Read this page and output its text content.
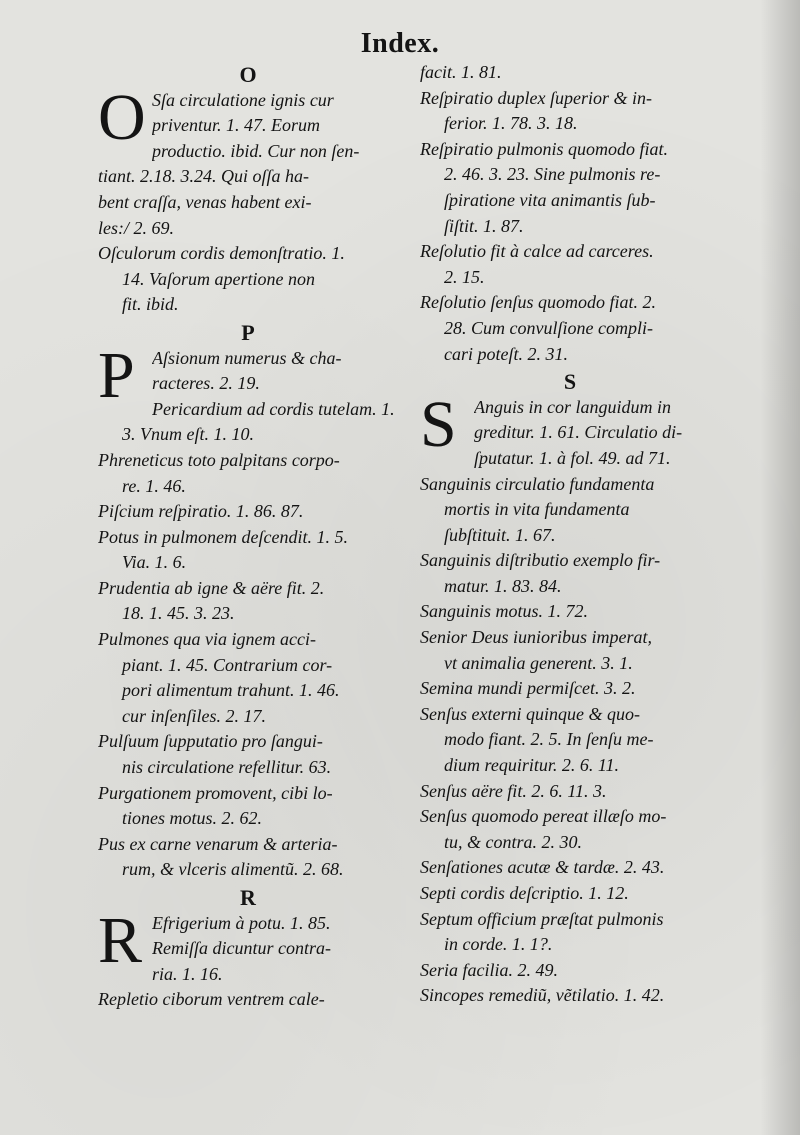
Index.
O
O Sſa circulatione ignis cur
priventur. 1. 47. Eorum
productio. ibid. Cur non ſen-
tiant. 2.18. 3.24. Qui oſſa ha-
bent craſſa, venas habent exi-
les:/ 2. 69.
Oſculorum cordis demonſtratio. 1.
14. Vaſorum apertione non
fit. ibid.
P
P Aſsionum numerus & cha-
racteres. 2. 19.
Pericardium ad cordis tutelam. 1.
3. Vnum eſt. 1. 10.
Phreneticus toto palpitans corpo-
re. 1. 46.
Piſcium reſpiratio. 1. 86. 87.
Potus in pulmonem deſcendit. 1. 5.
Via. 1. 6.
Prudentia ab igne & aëre fit. 2.
18. 1. 45. 3. 23.
Pulmones qua via ignem acci-
piant. 1. 45. Contrarium cor-
pori alimentum trahunt. 1. 46.
cur inſenſiles. 2. 17.
Pulſuum ſupputatio pro ſangui-
nis circulatione refellitur. 63.
Purgationem promovent, cibi lo-
tiones motus. 2. 62.
Pus ex carne venarum & arteria-
rum, & vlceris alimentũ. 2. 68.
R
R Efrigerium à potu. 1. 85.
Remiſſa dicuntur contra-
ria. 1. 16.
Repletio ciborum ventrem cale-
facit. 1. 81.
Reſpiratio duplex ſuperior & in-
ferior. 1. 78. 3. 18.
Reſpiratio pulmonis quomodo fiat.
2. 46. 3. 23. Sine pulmonis re-
ſpiratione vita animantis ſub-
ſiſtit. 1. 87.
Reſolutio fit à calce ad carceres.
2. 15.
Reſolutio ſenſus quomodo fiat. 2.
28. Cum convulſione compli-
cari poteſt. 2. 31.
S
S Anguis in cor languidum in
greditur. 1. 61. Circulatio di-
ſputatur. 1. à fol. 49. ad 71.
Sanguinis circulatio fundamenta
mortis in vita fundamenta
ſubſtituit. 1. 67.
Sanguinis diſtributio exemplo fir-
matur. 1. 83. 84.
Sanguinis motus. 1. 72.
Senior Deus iunioribus imperat,
vt animalia generent. 3. 1.
Semina mundi permiſcet. 3. 2.
Senſus externi quinque & quo-
modo fiant. 2. 5. In ſenſu me-
dium requiritur. 2. 6. 11.
Senſus aëre fit. 2. 6. 11. 3.
Senſus quomodo pereat illæſo mo-
tu, & contra. 2. 30.
Senſationes acutæ & tardæ. 2. 43.
Septi cordis deſcriptio. 1. 12.
Septum officium præſtat pulmonis
in corde. 1. 1?.
Seria facilia. 2. 49.
Sincopes remediũ, vẽtilatio. 1. 42.
